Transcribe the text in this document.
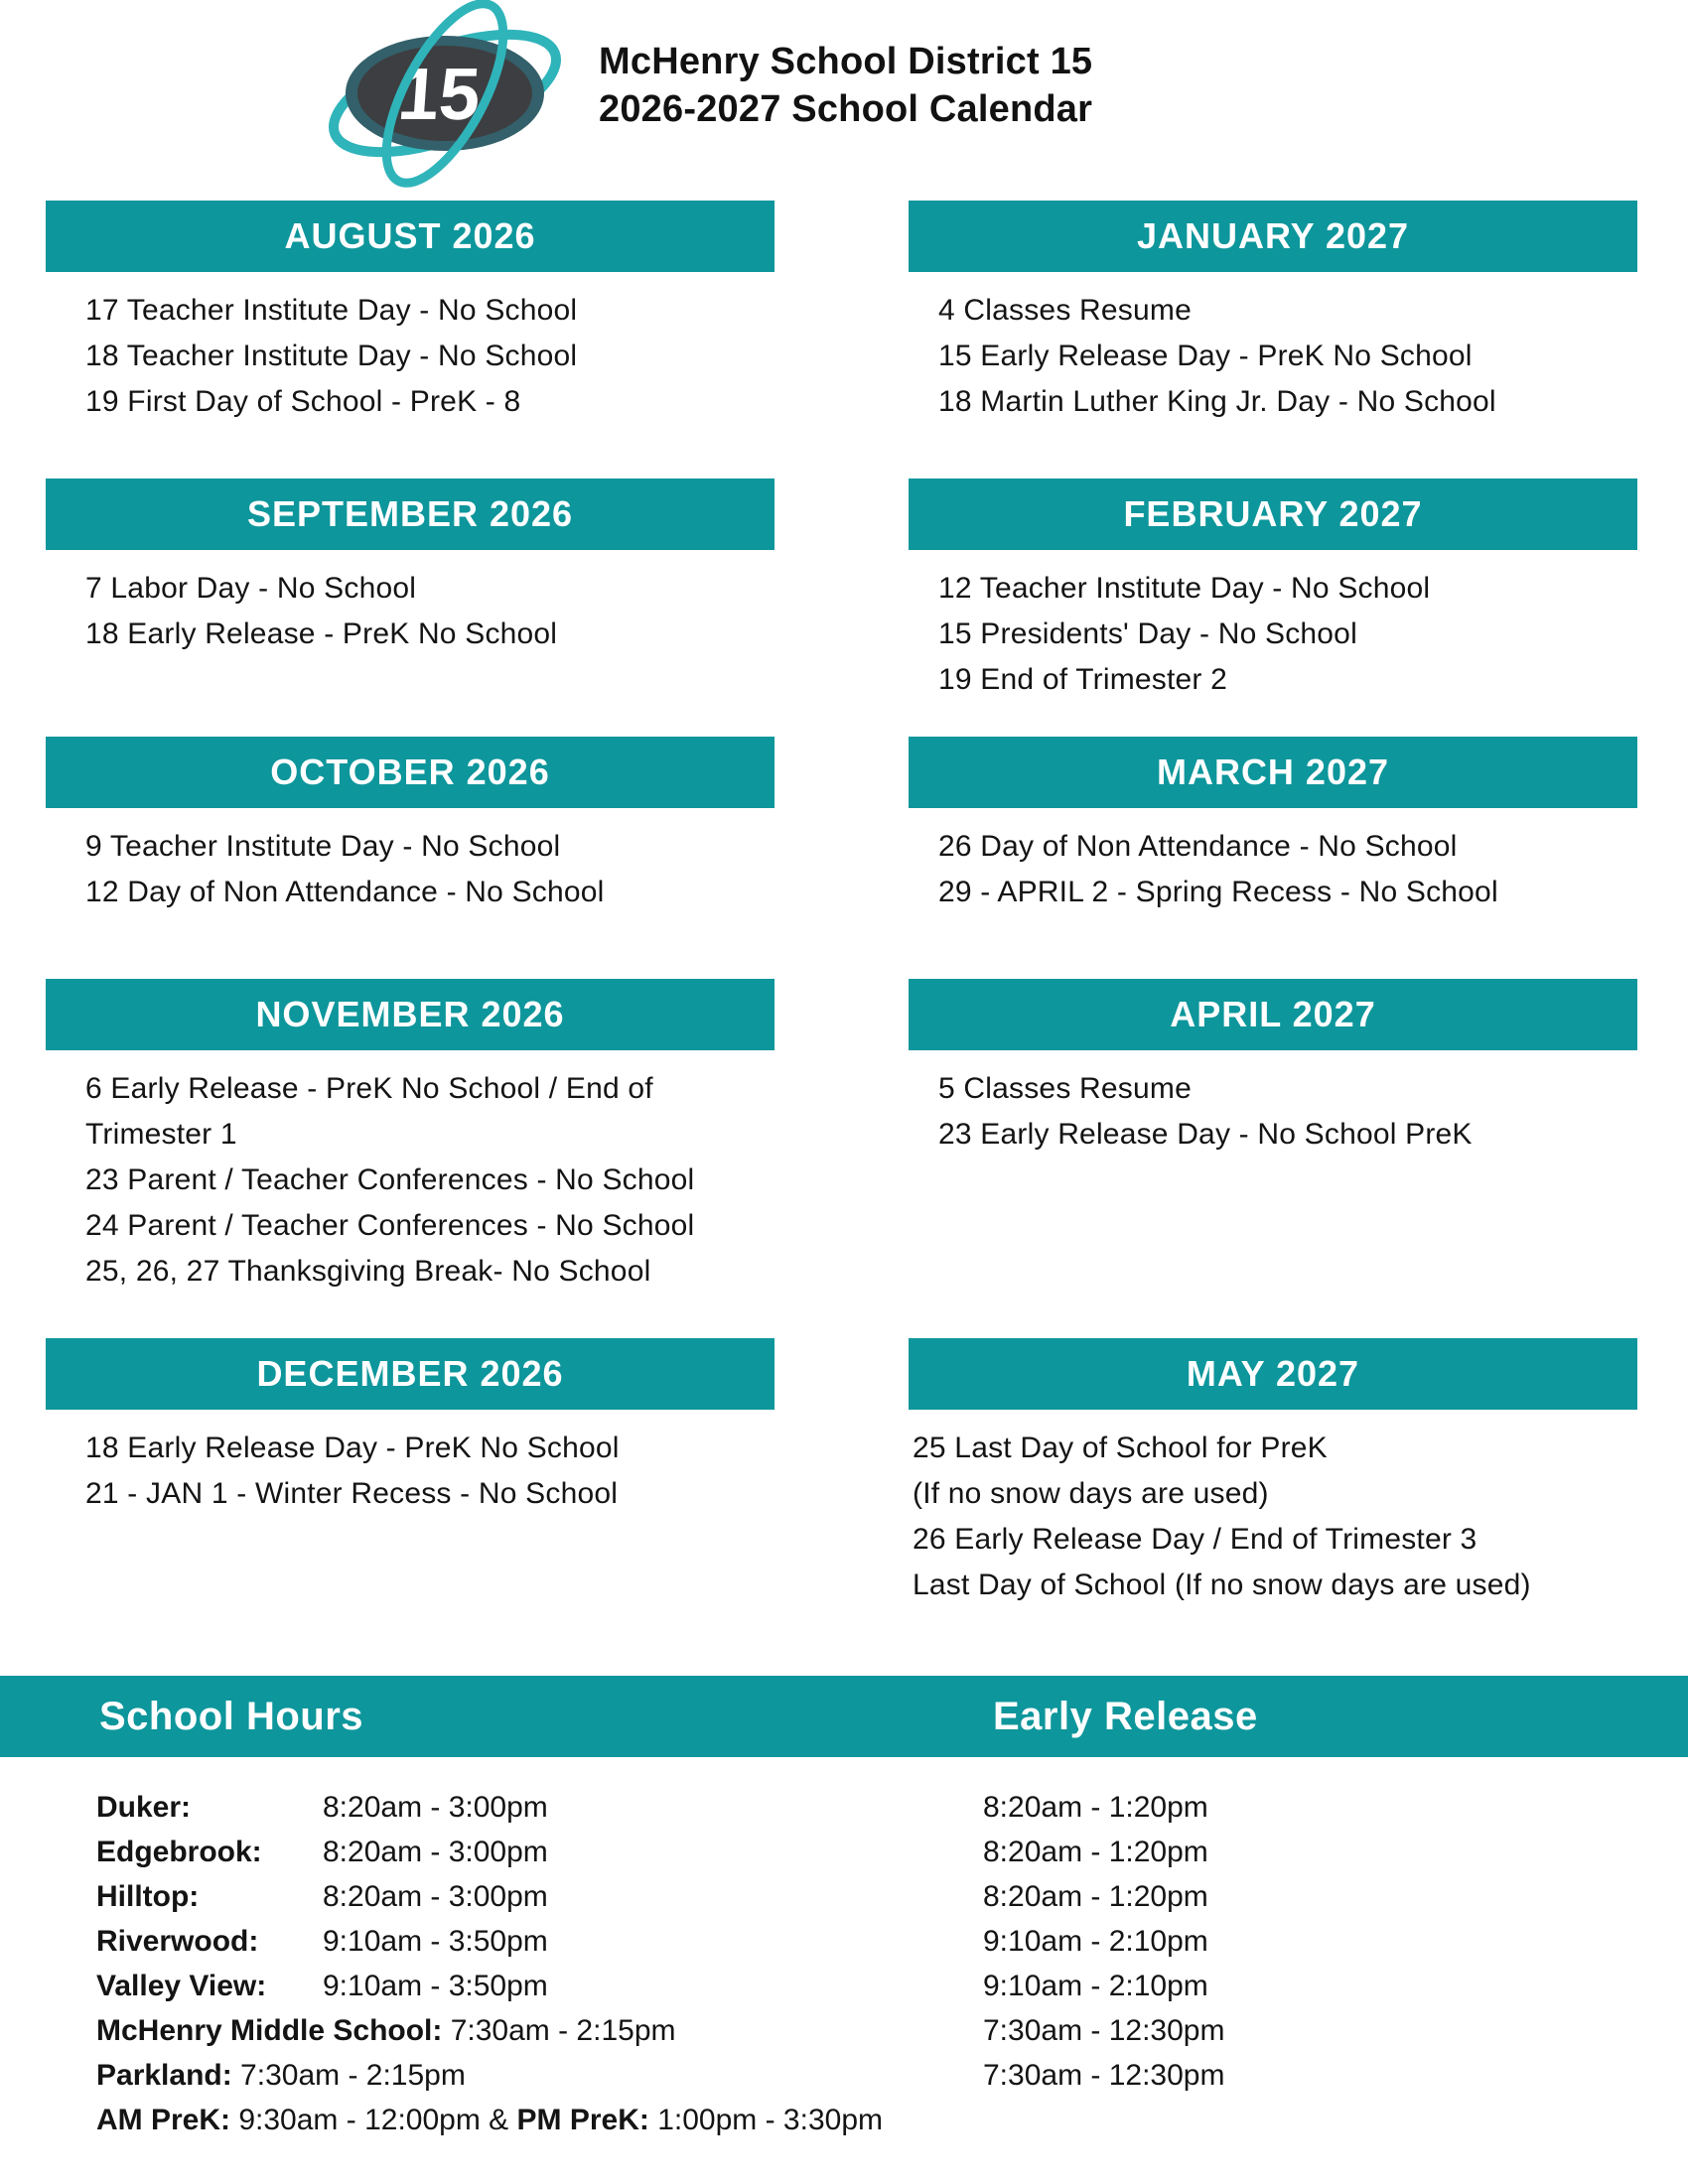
15	McHenry School District 15
2026-2027 School Calendar
AUGUST 2026
17 Teacher Institute Day - No School
18 Teacher Institute Day - No School
19 First Day of School - PreK - 8
SEPTEMBER 2026
7 Labor Day - No School
18 Early Release - PreK No School
OCTOBER 2026
9 Teacher Institute Day - No School
12 Day of Non Attendance - No School
NOVEMBER 2026
6 Early Release - PreK No School / End of Trimester 1
23 Parent / Teacher Conferences - No School
24 Parent / Teacher Conferences - No School
25, 26, 27 Thanksgiving Break- No School
DECEMBER 2026
18 Early Release Day - PreK No School
21 - JAN 1 - Winter Recess - No School
JANUARY 2027
4 Classes Resume
15 Early Release Day - PreK No School
18 Martin Luther King Jr. Day - No School
FEBRUARY 2027
12 Teacher Institute Day - No School
15 Presidents' Day - No School
19 End of Trimester 2
MARCH 2027
26 Day of Non Attendance - No School
29 - APRIL 2 - Spring Recess - No School
APRIL 2027
5 Classes Resume
23 Early Release Day - No School PreK
MAY 2027
25 Last Day of School for PreK
(If no snow days are used)
26 Early Release Day / End of Trimester 3
Last Day of School (If no snow days are used)
School Hours	Early Release
Duker:	8:20am - 3:00pm	8:20am - 1:20pm
Edgebrook: 8:20am - 3:00pm	8:20am - 1:20pm
Hilltop:	8:20am - 3:00pm	8:20am - 1:20pm
Riverwood: 9:10am - 3:50pm	9:10am - 2:10pm
Valley View: 9:10am - 3:50pm	9:10am - 2:10pm
McHenry Middle School: 7:30am - 2:15pm	7:30am - 12:30pm
Parkland: 7:30am - 2:15pm	7:30am - 12:30pm
AM PreK: 9:30am - 12:00pm & PM PreK: 1:00pm - 3:30pm
